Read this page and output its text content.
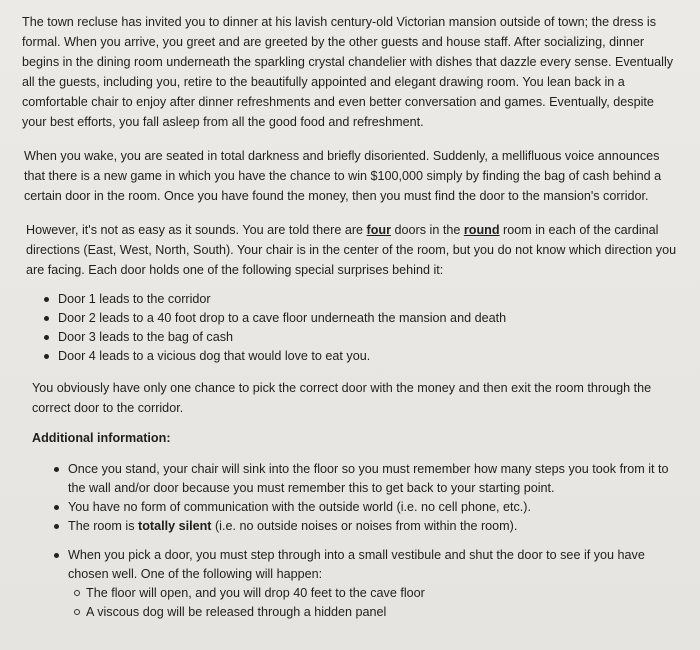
The town recluse has invited you to dinner at his lavish century-old Victorian mansion outside of town; the dress is formal. When you arrive, you greet and are greeted by the other guests and house staff. After socializing, dinner begins in the dining room underneath the sparkling crystal chandelier with dishes that dazzle every sense. Eventually all the guests, including you, retire to the beautifully appointed and elegant drawing room. You lean back in a comfortable chair to enjoy after dinner refreshments and even better conversation and games. Eventually, despite your best efforts, you fall asleep from all the good food and refreshment.

When you wake, you are seated in total darkness and briefly disoriented. Suddenly, a mellifluous voice announces that there is a new game in which you have the chance to win $100,000 simply by finding the bag of cash behind a certain door in the room. Once you have found the money, then you must find the door to the mansion's corridor.

However, it's not as easy as it sounds. You are told there are four doors in the round room in each of the cardinal directions (East, West, North, South). Your chair is in the center of the room, but you do not know which direction you are facing. Each door holds one of the following special surprises behind it:

Door 1 leads to the corridor
Door 2 leads to a 40 foot drop to a cave floor underneath the mansion and death
Door 3 leads to the bag of cash
Door 4 leads to a vicious dog that would love to eat you.

You obviously have only one chance to pick the correct door with the money and then exit the room through the correct door to the corridor.

Additional information:

Once you stand, your chair will sink into the floor so you must remember how many steps you took from it to the wall and/or door because you must remember this to get back to your starting point.
You have no form of communication with the outside world (i.e. no cell phone, etc.).
The room is totally silent (i.e. no outside noises or noises from within the room).
When you pick a door, you must step through into a small vestibule and shut the door to see if you have chosen well. One of the following will happen:
The floor will open, and you will drop 40 feet to the cave floor
A viscous dog will be released through a hidden panel
